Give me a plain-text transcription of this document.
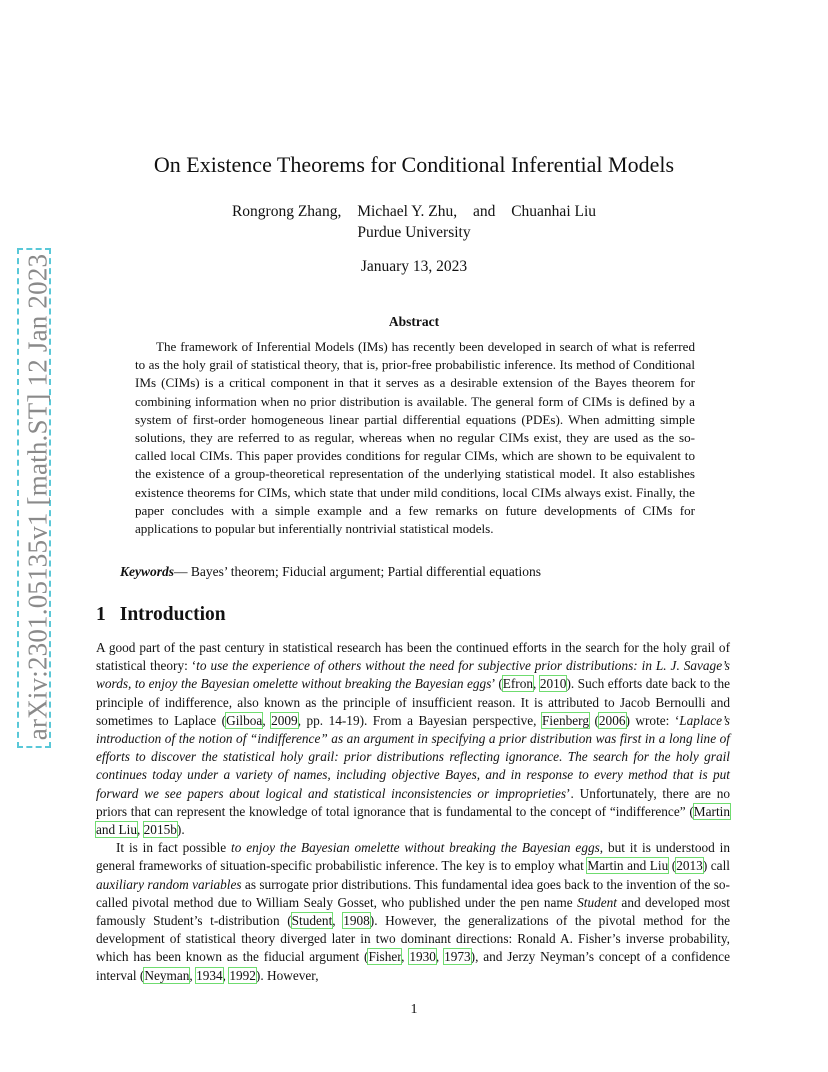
arXiv:2301.05135v1 [math.ST] 12 Jan 2023
On Existence Theorems for Conditional Inferential Models
Rongrong Zhang, Michael Y. Zhu, and Chuanhai Liu
Purdue University
January 13, 2023
Abstract
The framework of Inferential Models (IMs) has recently been developed in search of what is referred to as the holy grail of statistical theory, that is, prior-free probabilistic inference. Its method of Conditional IMs (CIMs) is a critical component in that it serves as a desirable extension of the Bayes theorem for combining information when no prior distribution is available. The general form of CIMs is defined by a system of first-order homogeneous linear partial differential equations (PDEs). When admitting simple solutions, they are referred to as regular, whereas when no regular CIMs exist, they are used as the so-called local CIMs. This paper provides conditions for regular CIMs, which are shown to be equivalent to the existence of a group-theoretical representation of the underlying statistical model. It also establishes existence theorems for CIMs, which state that under mild conditions, local CIMs always exist. Finally, the paper concludes with a simple example and a few remarks on future developments of CIMs for applications to popular but inferentially nontrivial statistical models.
Keywords— Bayes’ theorem; Fiducial argument; Partial differential equations
1 Introduction

A good part of the past century in statistical research has been the continued efforts in the search for the holy grail of statistical theory: ‘to use the experience of others without the need for subjective prior distributions: in L. J. Savage’s words, to enjoy the Bayesian omelette without breaking the Bayesian eggs’ (Efron, 2010). Such efforts date back to the principle of indifference, also known as the principle of insufficient reason. It is attributed to Jacob Bernoulli and sometimes to Laplace (Gilboa, 2009, pp. 14-19). From a Bayesian perspective, Fienberg (2006) wrote: ‘Laplace’s introduction of the notion of “indifference” as an argument in specifying a prior distribution was first in a long line of efforts to discover the statistical holy grail: prior distributions reflecting ignorance. The search for the holy grail continues today under a variety of names, including objective Bayes, and in response to every method that is put forward we see papers about logical and statistical inconsistencies or improprieties’. Unfortunately, there are no priors that can represent the knowledge of total ignorance that is fundamental to the concept of “indifference” (Martin and Liu, 2015b).

It is in fact possible to enjoy the Bayesian omelette without breaking the Bayesian eggs, but it is understood in general frameworks of situation-specific probabilistic inference. The key is to employ what Martin and Liu (2013) call auxiliary random variables as surrogate prior distributions. This fundamental idea goes back to the invention of the so-called pivotal method due to William Sealy Gosset, who published under the pen name Student and developed most famously Student’s t-distribution (Student, 1908). However, the generalizations of the pivotal method for the development of statistical theory diverged later in two dominant directions: Ronald A. Fisher’s inverse probability, which has been known as the fiducial argument (Fisher, 1930, 1973), and Jerzy Neyman’s concept of a confidence interval (Neyman, 1934, 1992). However,

1
